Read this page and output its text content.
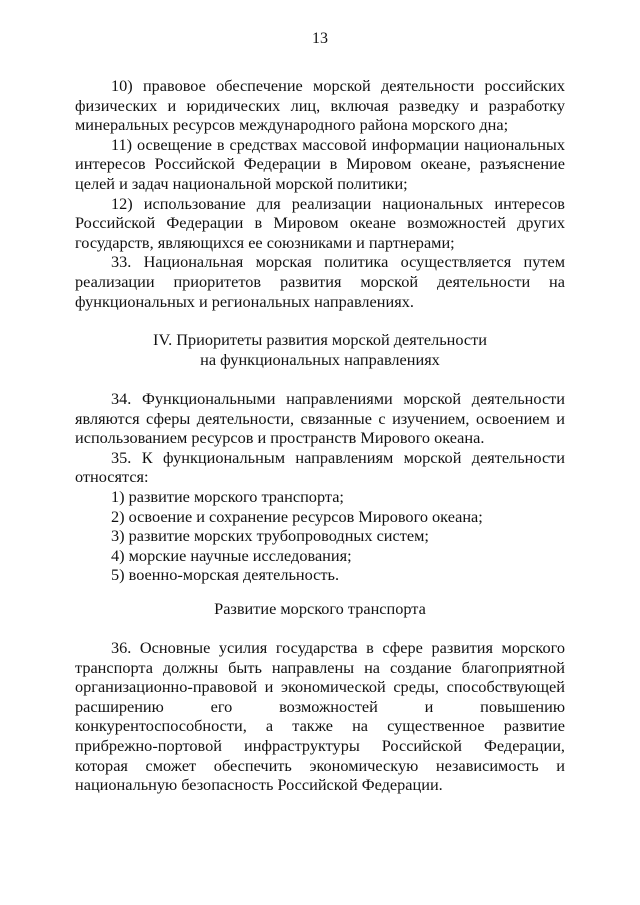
13

10) правовое обеспечение морской деятельности российских физических и юридических лиц, включая разведку и разработку минеральных ресурсов международного района морского дна;

11) освещение в средствах массовой информации национальных интересов Российской Федерации в Мировом океане, разъяснение целей и задач национальной морской политики;

12) использование для реализации национальных интересов Российской Федерации в Мировом океане возможностей других государств, являющихся ее союзниками и партнерами;

33. Национальная морская политика осуществляется путем реализации приоритетов развития морской деятельности на функциональных и региональных направлениях.

IV. Приоритеты развития морской деятельности
на функциональных направлениях

34. Функциональными направлениями морской деятельности являются сферы деятельности, связанные с изучением, освоением и использованием ресурсов и пространств Мирового океана.

35. К функциональным направлениям морской деятельности относятся:

1) развитие морского транспорта;

2) освоение и сохранение ресурсов Мирового океана;

3) развитие морских трубопроводных систем;

4) морские научные исследования;

5) военно-морская деятельность.

Развитие морского транспорта

36. Основные усилия государства в сфере развития морского транспорта должны быть направлены на создание благоприятной организационно-правовой и экономической среды, способствующей расширению его возможностей и повышению конкурентоспособности, а также на существенное развитие прибрежно-портовой инфраструктуры Российской Федерации, которая сможет обеспечить экономическую независимость и национальную безопасность Российской Федерации.
